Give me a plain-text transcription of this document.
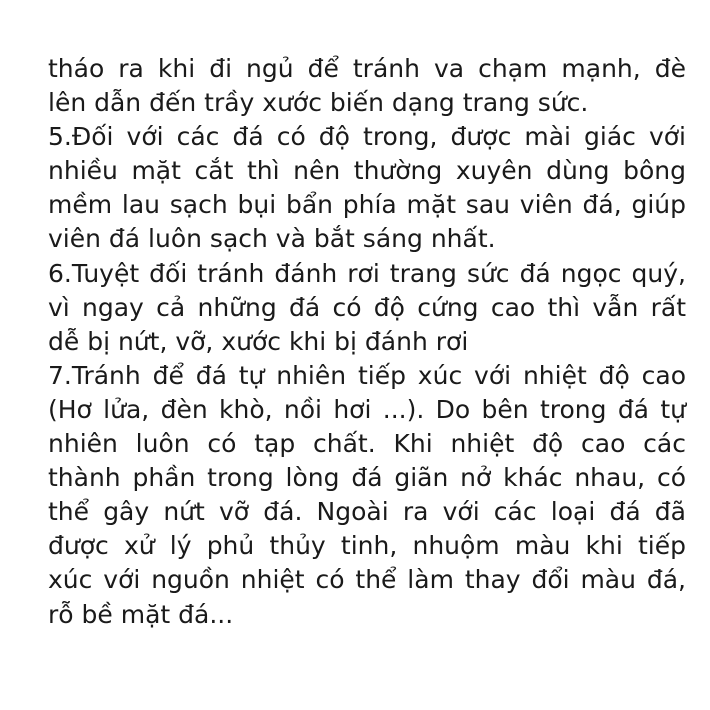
tháo ra khi đi ngủ để tránh va chạm mạnh, đè
lên dẫn đến trầy xước biến dạng trang sức.
5.Đối với các đá có độ trong, được mài giác với
nhiều mặt cắt thì nên thường xuyên dùng bông
mềm lau sạch bụi bẩn phía mặt sau viên đá, giúp
viên đá luôn sạch và bắt sáng nhất.
6.Tuyệt đối tránh đánh rơi trang sức đá ngọc quý,
vì ngay cả những đá có độ cứng cao thì vẫn rất
dễ bị nứt, vỡ, xước khi bị đánh rơi
7.Tránh để đá tự nhiên tiếp xúc với nhiệt độ cao
(Hơ lửa, đèn khò, nồi hơi ...). Do bên trong đá tự
nhiên luôn có tạp chất. Khi nhiệt độ cao các
thành phần trong lòng đá giãn nở khác nhau, có
thể gây nứt vỡ đá. Ngoài ra với các loại đá đã
được xử lý phủ thủy tinh, nhuộm màu khi tiếp
xúc với nguồn nhiệt có thể làm thay đổi màu đá,
rỗ bề mặt đá...
